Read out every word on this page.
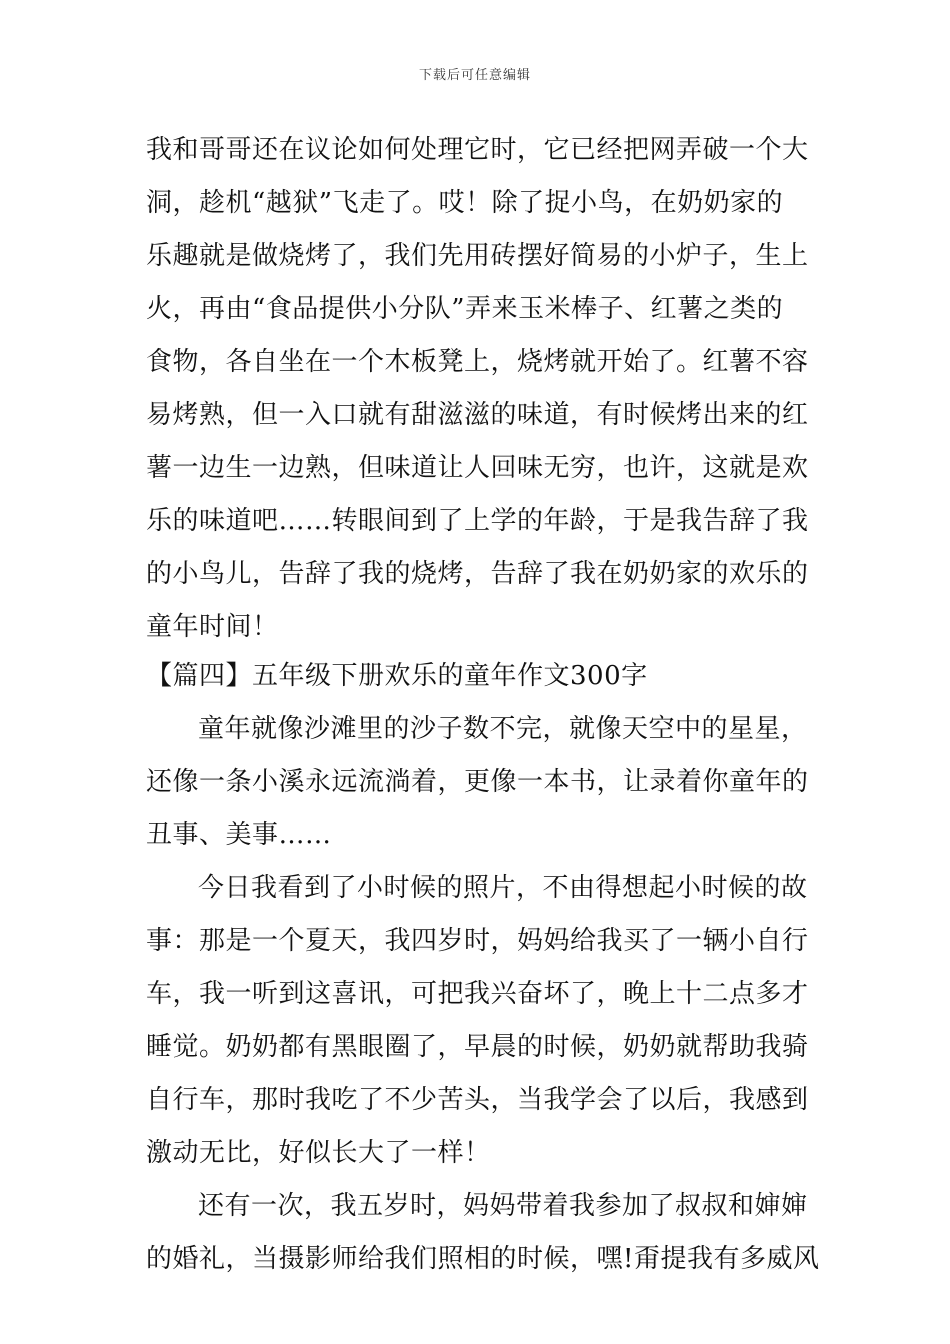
下载后可任意编辑
我和哥哥还在议论如何处理它时，它已经把网弄破一个大
洞，趁机“越狱”飞走了。哎！除了捉小鸟，在奶奶家的
乐趣就是做烧烤了，我们先用砖摆好简易的小炉子，生上
火，再由“食品提供小分队”弄来玉米棒子、红薯之类的
食物，各自坐在一个木板凳上，烧烤就开始了。红薯不容
易烤熟，但一入口就有甜滋滋的味道，有时候烤出来的红
薯一边生一边熟，但味道让人回味无穷，也许，这就是欢
乐的味道吧……转眼间到了上学的年龄，于是我告辞了我
的小鸟儿，告辞了我的烧烤，告辞了我在奶奶家的欢乐的
童年时间！
【篇四】五年级下册欢乐的童年作文300字
童年就像沙滩里的沙子数不完，就像天空中的星星，
还像一条小溪永远流淌着，更像一本书，让录着你童年的
丑事、美事……
今日我看到了小时候的照片，不由得想起小时候的故
事：那是一个夏天，我四岁时，妈妈给我买了一辆小自行
车，我一听到这喜讯，可把我兴奋坏了，晚上十二点多才
睡觉。奶奶都有黑眼圈了，早晨的时候，奶奶就帮助我骑
自行车，那时我吃了不少苦头，当我学会了以后，我感到
激动无比，好似长大了一样！
还有一次，我五岁时，妈妈带着我参加了叔叔和婶婶
的婚礼，当摄影师给我们照相的时候，嘿!甭提我有多威风
